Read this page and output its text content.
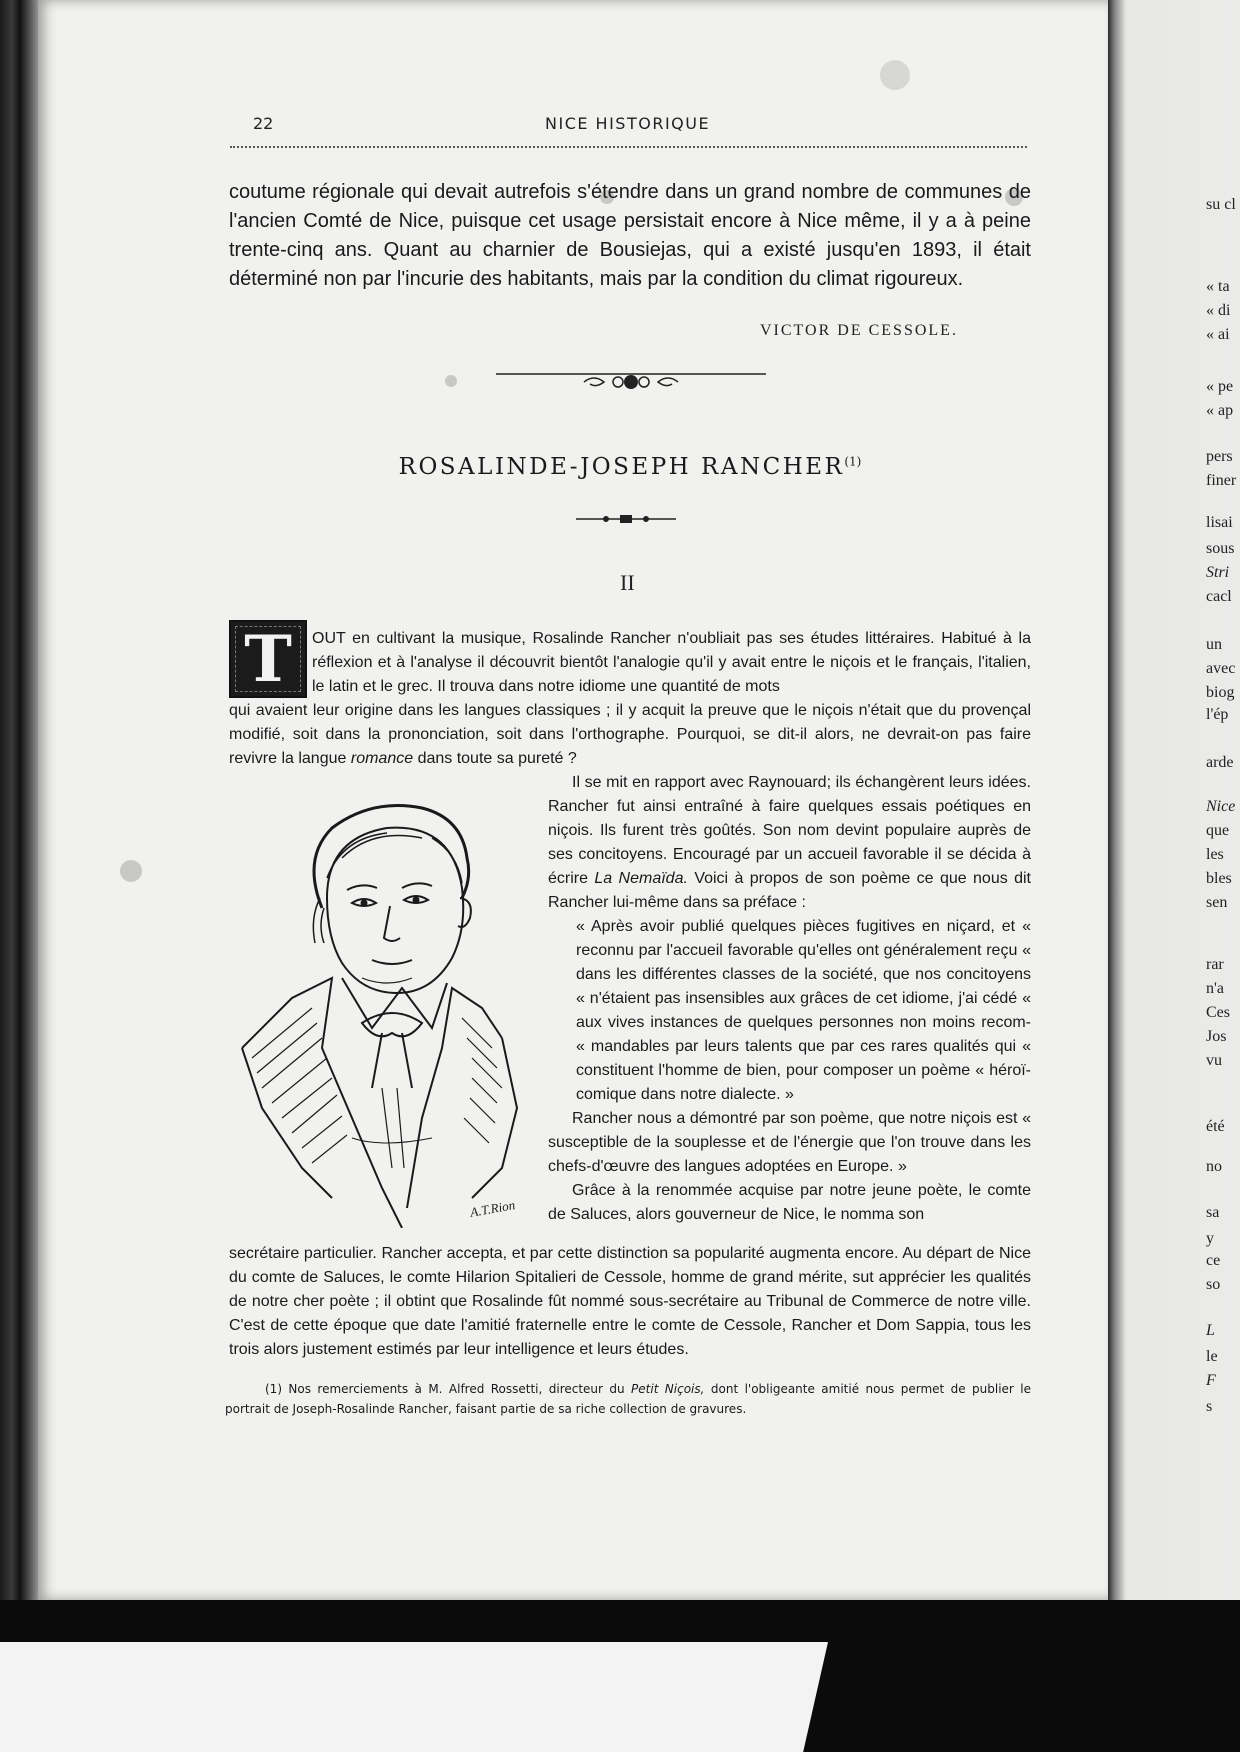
su cl
« ta
« di
« ai
« pe
« ap
pers
finer
lisai
sous
Stri
cacl
un
avec
biog
l'ép
arde
Nice
que
les
bles
sen
rar
n'a
Ces
Jos
vu
été
no
sa
y
ce
so
L
le
F
s
22	NICE HISTORIQUE
coutume régionale qui devait autrefois s'étendre dans un grand nombre de communes de l'ancien Comté de Nice, puisque cet usage persistait encore à Nice même, il y a à peine trente-cinq ans. Quant au charnier de Bousiejas, qui a existé jusqu'en 1893, il était déterminé non par l'incurie des habitants, mais par la condition du climat rigoureux.
VICTOR DE CESSOLE.
ROSALINDE-JOSEPH RANCHER$^{(1)}$
II
T	OUT en cultivant la musique, Rosalinde Rancher n'oubliait pas ses études littéraires. Habitué à la réflexion et à l'analyse il découvrit bientôt l'analogie qu'il y avait entre le niçois et le français, l'italien, le latin et le grec. Il trouva dans notre idiome une quantité de mots
qui avaient leur origine dans les langues classiques ; il y acquit la preuve que le niçois n'était que du provençal modifié, soit dans la prononciation, soit dans l'orthographe. Pourquoi, se dit-il alors, ne devrait-on pas faire revivre la langue romance dans toute sa pureté ?

Il se mit en rapport avec Raynouard; ils échangèrent leurs idées. Rancher fut ainsi entraîné à faire quelques essais poétiques en niçois. Ils furent très goûtés. Son nom devint populaire auprès de ses concitoyens. Encouragé par un accueil favorable il se décida à écrire La Nemaïda. Voici à propos de son poème ce que nous dit Rancher lui-même dans sa préface :

« Après avoir publié quelques pièces fugitives en niçard, et « reconnu par l'accueil favorable qu'elles ont généralement reçu « dans les différentes classes de la société, que nos concitoyens « n'étaient pas insensibles aux grâces de cet idiome, j'ai cédé « aux vives instances de quelques personnes non moins recom- « mandables par leurs talents que par ces rares qualités qui « constituent l'homme de bien, pour composer un poème « héroï-comique dans notre dialecte. »

Rancher nous a démontré par son poème, que notre niçois est « susceptible de la souplesse et de l'énergie que l'on trouve dans les chefs-d'œuvre des langues adoptées en Europe. »

Grâce à la renommée acquise par notre jeune poète, le comte de Saluces, alors gouverneur de Nice, le nomma son

secrétaire particulier. Rancher accepta, et par cette distinction sa popularité augmenta encore. Au départ de Nice du comte de Saluces, le comte Hilarion Spitalieri de Cessole, homme de grand mérite, sut apprécier les qualités de notre cher poète ; il obtint que Rosalinde fût nommé sous-secrétaire au Tribunal de Commerce de notre ville. C'est de cette époque que date l'amitié fraternelle entre le comte de Cessole, Rancher et Dom Sappia, tous les trois alors justement estimés par leur intelligence et leurs études.
A.T.Rion
(1) Nos remerciements à M. Alfred Rossetti, directeur du Petit Niçois, dont l'obligeante amitié nous permet de publier le portrait de Joseph-Rosalinde Rancher, faisant partie de sa riche collection de gravures.
